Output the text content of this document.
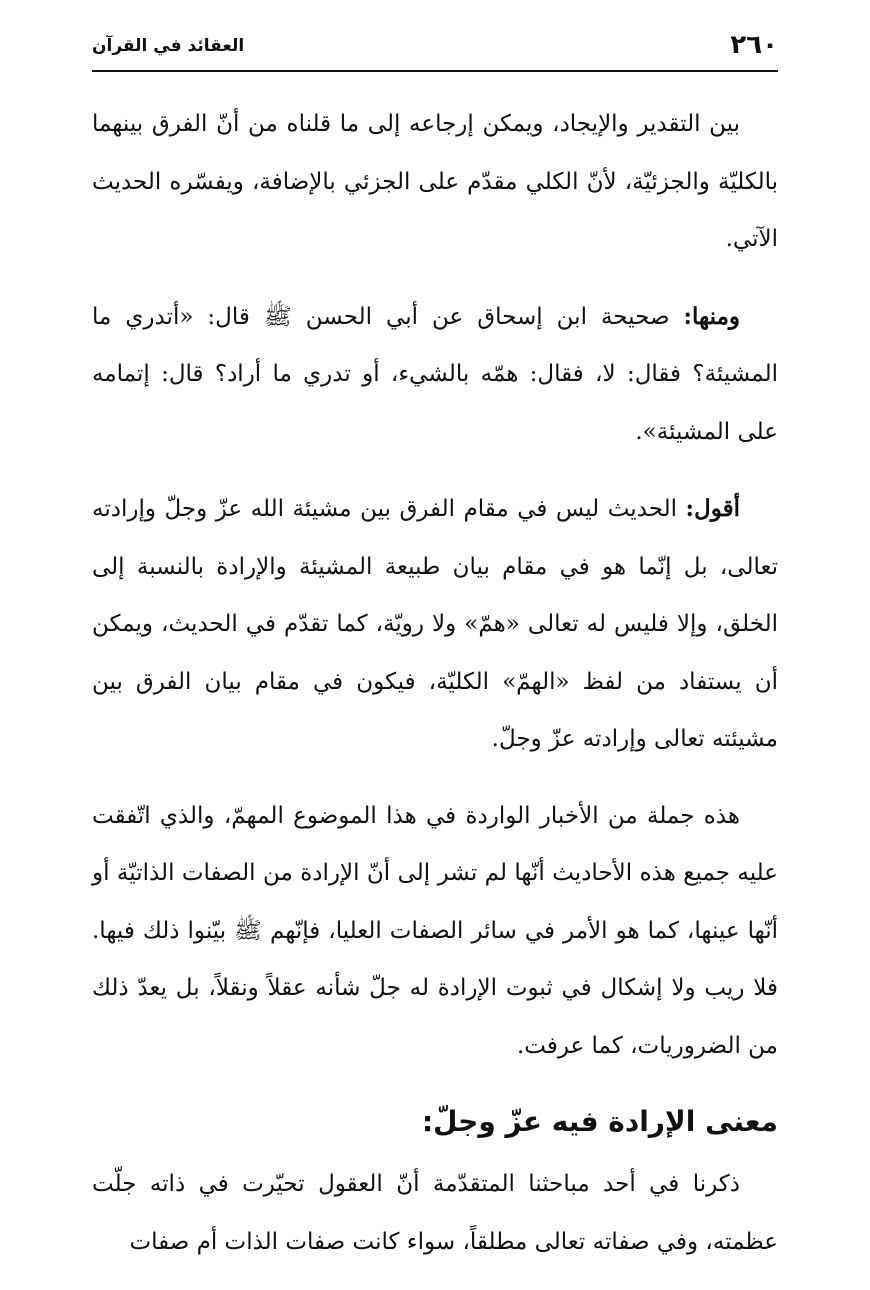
٢٦٠
العقائد في القرآن

بين التقدير والإيجاد، ويمكن إرجاعه إلى ما قلناه من أنّ الفرق بينهما بالكليّة والجزئيّة، لأنّ الكلي مقدّم على الجزئي بالإضافة، ويفسّره الحديث الآتي.

ومنها: صحيحة ابن إسحاق عن أبي الحسن ﷺ قال: «أتدري ما المشيئة؟ فقال: لا، فقال: همّه بالشيء، أو تدري ما أراد؟ قال: إتمامه على المشيئة».

أقول: الحديث ليس في مقام الفرق بين مشيئة الله عزّ وجلّ وإرادته تعالى، بل إنّما هو في مقام بيان طبيعة المشيئة والإرادة بالنسبة إلى الخلق، وإلا فليس له تعالى «همّ» ولا رويّة، كما تقدّم في الحديث، ويمكن أن يستفاد من لفظ «الهمّ» الكليّة، فيكون في مقام بيان الفرق بين مشيئته تعالى وإرادته عزّ وجلّ.

هذه جملة من الأخبار الواردة في هذا الموضوع المهمّ، والذي اتّفقت عليه جميع هذه الأحاديث أنّها لم تشر إلى أنّ الإرادة من الصفات الذاتيّة أو أنّها عينها، كما هو الأمر في سائر الصفات العليا، فإنّهم ﷺ بيّنوا ذلك فيها. فلا ريب ولا إشكال في ثبوت الإرادة له جلّ شأنه عقلاً ونقلاً، بل يعدّ ذلك من الضروريات، كما عرفت.

معنى الإرادة فيه عزّ وجلّ:

ذكرنا في أحد مباحثنا المتقدّمة أنّ العقول تحيّرت في ذاته جلّت عظمته، وفي صفاته تعالى مطلقاً، سواء كانت صفات الذات أم صفات
